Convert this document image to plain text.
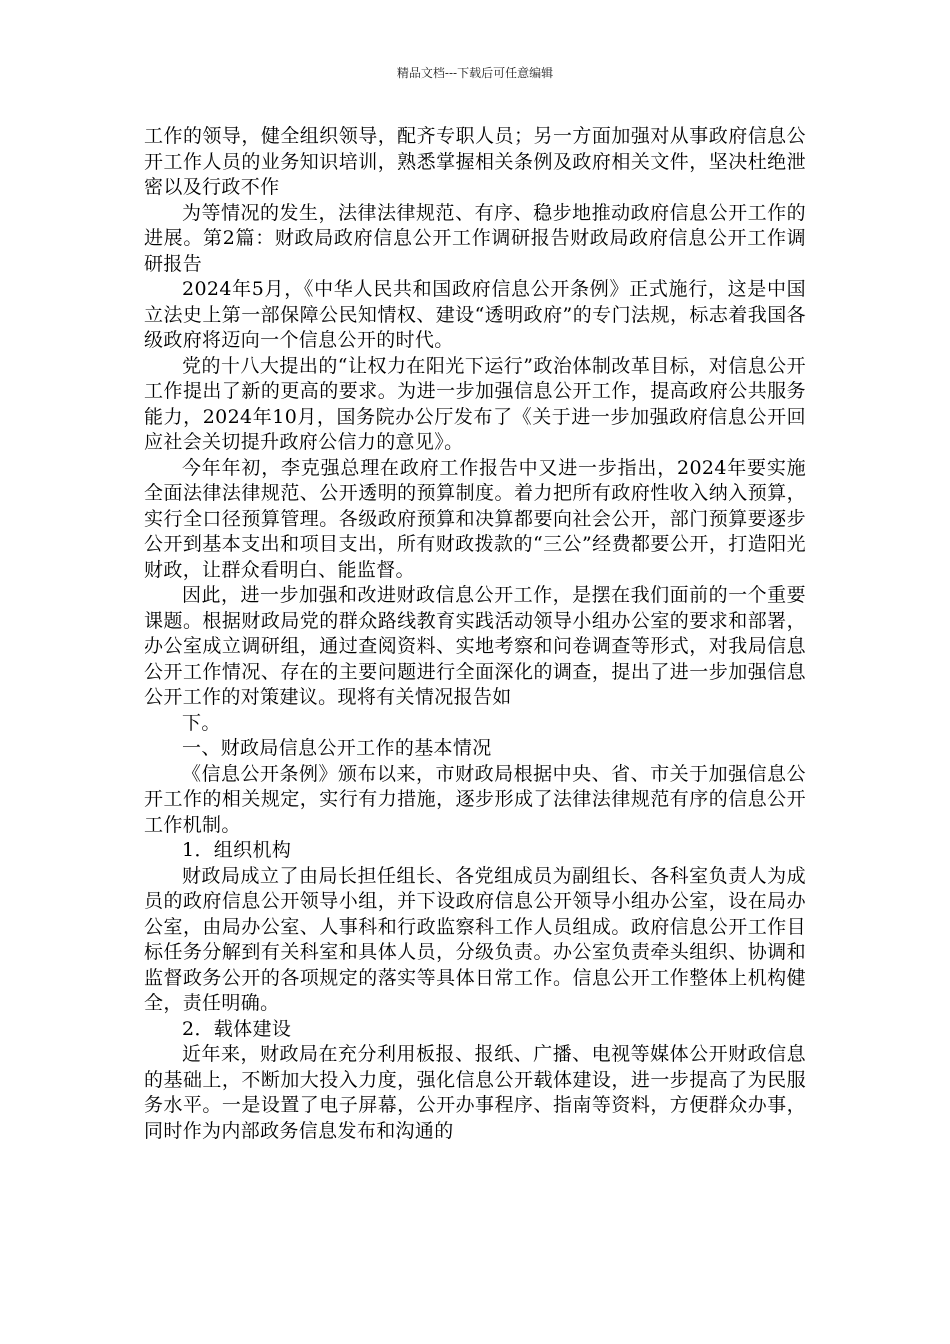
精品文档---下载后可任意编辑

工作的领导，健全组织领导，配齐专职人员；另一方面加强对从事政府信息公开工作人员的业务知识培训，熟悉掌握相关条例及政府相关文件，坚决杜绝泄密以及行政不作

为等情况的发生，法律法律规范、有序、稳步地推动政府信息公开工作的进展。第2篇：财政局政府信息公开工作调研报告财政局政府信息公开工作调研报告

2024年5月，《中华人民共和国政府信息公开条例》正式施行，这是中国立法史上第一部保障公民知情权、建设“透明政府”的专门法规，标志着我国各级政府将迈向一个信息公开的时代。

党的十八大提出的“让权力在阳光下运行”政治体制改革目标，对信息公开工作提出了新的更高的要求。为进一步加强信息公开工作，提高政府公共服务能力，2024年10月，国务院办公厅发布了《关于进一步加强政府信息公开回应社会关切提升政府公信力的意见》。

今年年初，李克强总理在政府工作报告中又进一步指出，2024年要实施全面法律法律规范、公开透明的预算制度。着力把所有政府性收入纳入预算，实行全口径预算管理。各级政府预算和决算都要向社会公开，部门预算要逐步公开到基本支出和项目支出，所有财政拨款的“三公”经费都要公开，打造阳光财政，让群众看明白、能监督。

因此，进一步加强和改进财政信息公开工作，是摆在我们面前的一个重要课题。根据财政局党的群众路线教育实践活动领导小组办公室的要求和部署，办公室成立调研组，通过查阅资料、实地考察和问卷调查等形式，对我局信息公开工作情况、存在的主要问题进行全面深化的调查，提出了进一步加强信息公开工作的对策建议。现将有关情况报告如

下。

一、财政局信息公开工作的基本情况

《信息公开条例》颁布以来，市财政局根据中央、省、市关于加强信息公开工作的相关规定，实行有力措施，逐步形成了法律法律规范有序的信息公开工作机制。

1．组织机构

财政局成立了由局长担任组长、各党组成员为副组长、各科室负责人为成员的政府信息公开领导小组，并下设政府信息公开领导小组办公室，设在局办公室，由局办公室、人事科和行政监察科工作人员组成。政府信息公开工作目标任务分解到有关科室和具体人员，分级负责。办公室负责牵头组织、协调和监督政务公开的各项规定的落实等具体日常工作。信息公开工作整体上机构健全，责任明确。

2．载体建设

近年来，财政局在充分利用板报、报纸、广播、电视等媒体公开财政信息的基础上，不断加大投入力度，强化信息公开载体建设，进一步提高了为民服务水平。一是设置了电子屏幕，公开办事程序、指南等资料，方便群众办事，同时作为内部政务信息发布和沟通的
